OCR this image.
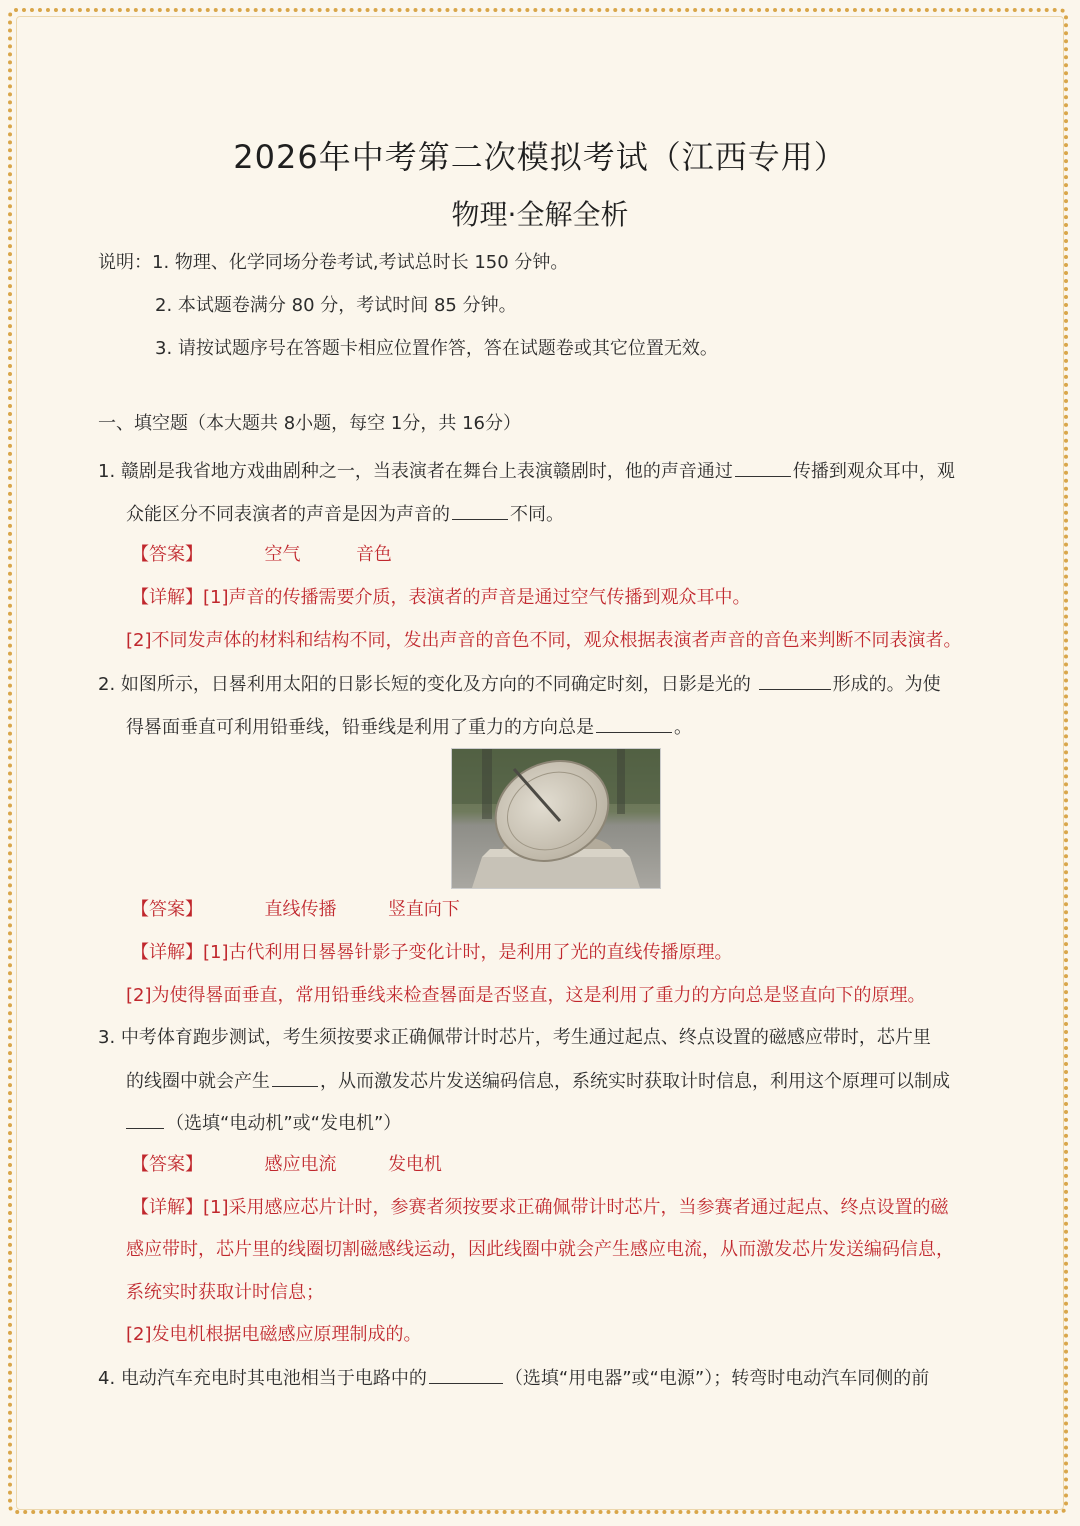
2026年中考第二次模拟考试（江西专用）
物理·全解全析
说明：1. 物理、化学同场分卷考试,考试总时长 150 分钟。
2. 本试题卷满分 80 分，考试时间 85 分钟。
3. 请按试题序号在答题卡相应位置作答，答在试题卷或其它位置无效。
一、填空题（本大题共 8小题，每空 1分，共 16分）
1. 赣剧是我省地方戏曲剧种之一，当表演者在舞台上表演赣剧时，他的声音通过	传播到观众耳中，观
众能区分不同表演者的声音是因为声音的	不同。
【答案】	空气	音色
【详解】[1]声音的传播需要介质，表演者的声音是通过空气传播到观众耳中。
[2]不同发声体的材料和结构不同，发出声音的音色不同，观众根据表演者声音的音色来判断不同表演者。
2. 如图所示，日晷利用太阳的日影长短的变化及方向的不同确定时刻，日影是光的	形成的。为使
得晷面垂直可利用铅垂线，铅垂线是利用了重力的方向总是	。
【答案】	直线传播	竖直向下
【详解】[1]古代利用日晷晷针影子变化计时，是利用了光的直线传播原理。
[2]为使得晷面垂直，常用铅垂线来检查晷面是否竖直，这是利用了重力的方向总是竖直向下的原理。
3. 中考体育跑步测试，考生须按要求正确佩带计时芯片，考生通过起点、终点设置的磁感应带时，芯片里
的线圈中就会产生	，从而激发芯片发送编码信息，系统实时获取计时信息，利用这个原理可以制成
（选填“电动机”或“发电机”）
【答案】	感应电流	发电机
【详解】[1]采用感应芯片计时，参赛者须按要求正确佩带计时芯片，当参赛者通过起点、终点设置的磁
感应带时，芯片里的线圈切割磁感线运动，因此线圈中就会产生感应电流，从而激发芯片发送编码信息，
系统实时获取计时信息；
[2]发电机根据电磁感应原理制成的。
4. 电动汽车充电时其电池相当于电路中的	（选填“用电器”或“电源”）；转弯时电动汽车同侧的前
